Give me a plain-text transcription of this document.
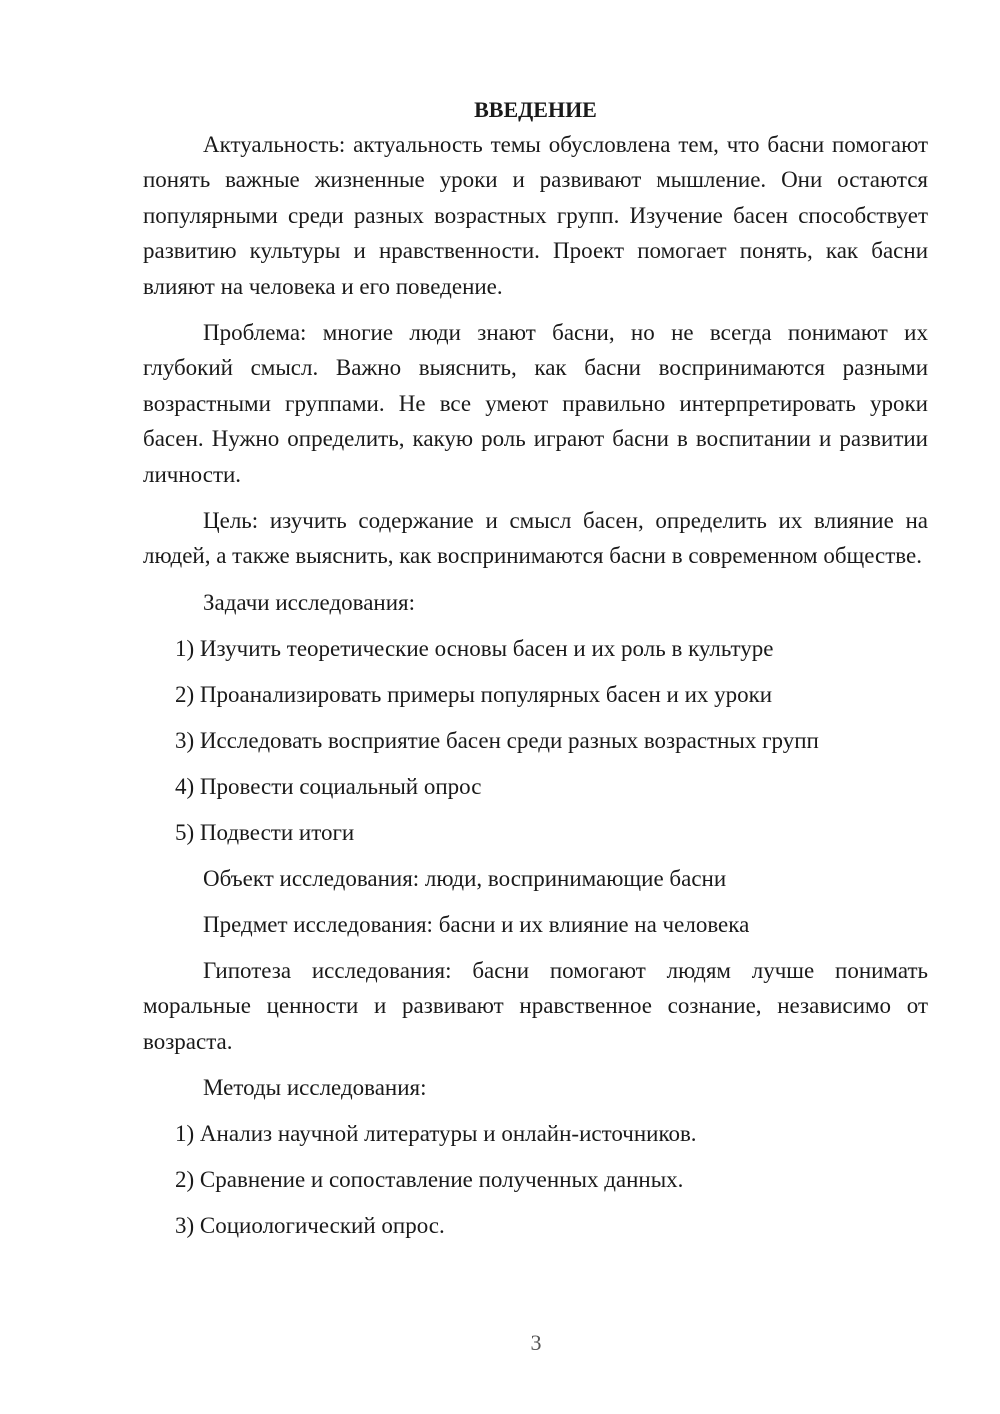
ВВЕДЕНИЕ

Актуальность: актуальность темы обусловлена тем, что басни помогают понять важные жизненные уроки и развивают мышление. Они остаются популярными среди разных возрастных групп. Изучение басен способствует развитию культуры и нравственности. Проект помогает понять, как басни влияют на человека и его поведение.

Проблема: многие люди знают басни, но не всегда понимают их глубокий смысл. Важно выяснить, как басни воспринимаются разными возрастными группами. Не все умеют правильно интерпретировать уроки басен. Нужно определить, какую роль играют басни в воспитании и развитии личности.

Цель: изучить содержание и смысл басен, определить их влияние на людей, а также выяснить, как воспринимаются басни в современном обществе.

Задачи исследования:
1) Изучить теоретические основы басен и их роль в культуре
2) Проанализировать примеры популярных басен и их уроки
3) Исследовать восприятие басен среди разных возрастных групп
4) Провести социальный опрос
5) Подвести итоги
Объект исследования: люди, воспринимающие басни
Предмет исследования: басни и их влияние на человека

Гипотеза исследования: басни помогают людям лучше понимать моральные ценности и развивают нравственное сознание, независимо от возраста.

Методы исследования:
1) Анализ научной литературы и онлайн-источников.
2) Сравнение и сопоставление полученных данных.
3) Социологический опрос.
3
